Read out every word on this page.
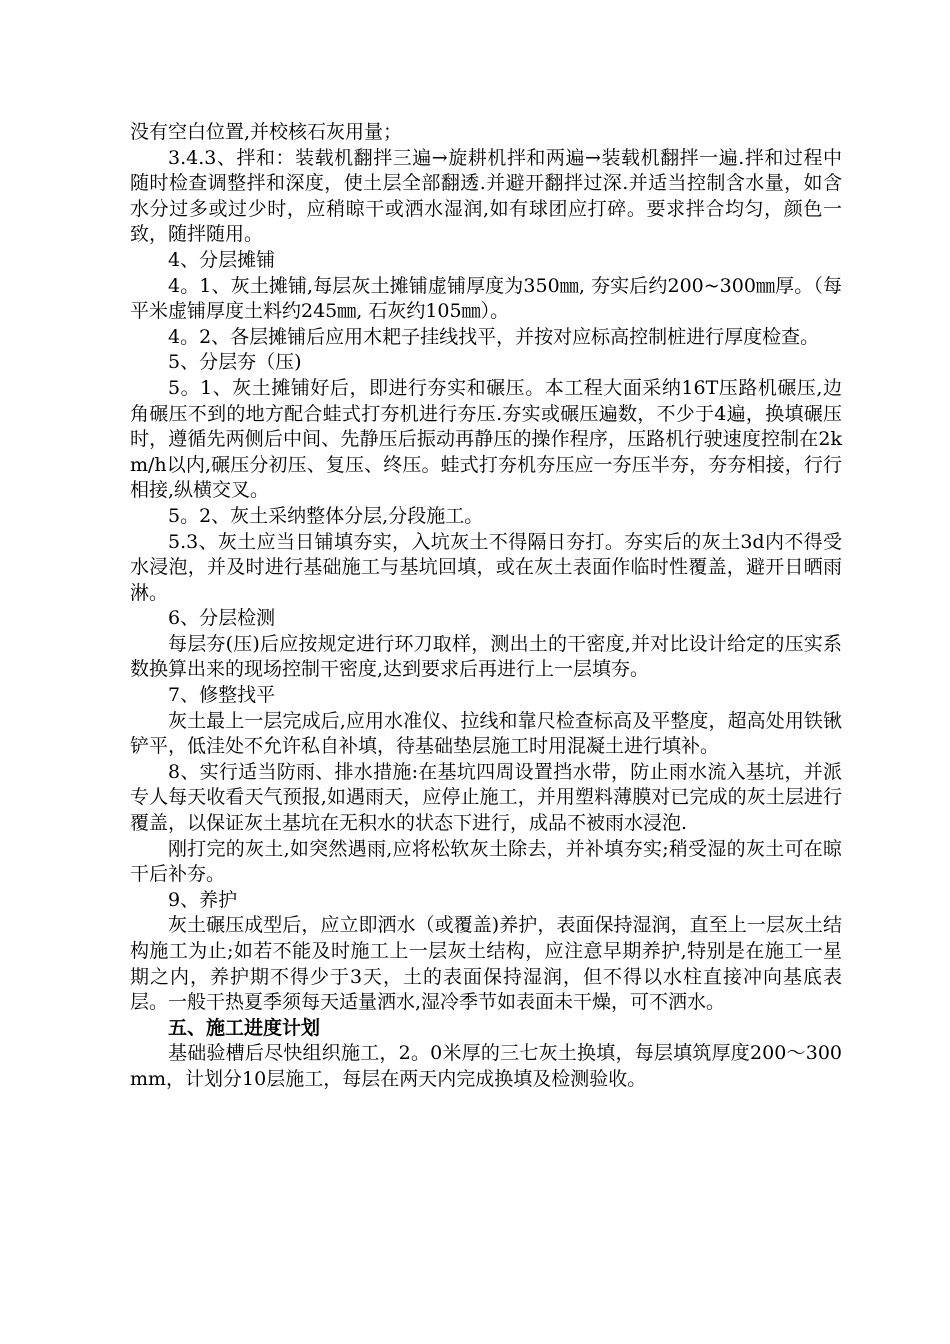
没有空白位置,并校核石灰用量；

3.4.3、拌和：装载机翻拌三遍→旋耕机拌和两遍→装载机翻拌一遍.拌和过程中随时检查调整拌和深度，使土层全部翻透.并避开翻拌过深.并适当控制含水量，如含水分过多或过少时，应稍晾干或洒水湿润,如有球团应打碎。要求拌合均匀，颜色一致，随拌随用。

4、分层摊铺

4。1、灰土摊铺,每层灰土摊铺虚铺厚度为350㎜, 夯实后约200~300㎜厚。（每平米虚铺厚度土料约245㎜, 石灰约105㎜）。

4。2、各层摊铺后应用木耙子挂线找平，并按对应标高控制桩进行厚度检查。

5、分层夯（压)

5。1、灰土摊铺好后，即进行夯实和碾压。本工程大面采纳16T压路机碾压,边角碾压不到的地方配合蛙式打夯机进行夯压.夯实或碾压遍数，不少于4遍，换填碾压时，遵循先两侧后中间、先静压后振动再静压的操作程序，压路机行驶速度控制在2km/h以内,碾压分初压、复压、终压。蛙式打夯机夯压应一夯压半夯，夯夯相接，行行相接,纵横交叉。

5。2、灰土采纳整体分层,分段施工。

5.3、灰土应当日铺填夯实，入坑灰土不得隔日夯打。夯实后的灰土3d内不得受水浸泡，并及时进行基础施工与基坑回填，或在灰土表面作临时性覆盖，避开日晒雨淋。

6、分层检测

每层夯(压)后应按规定进行环刀取样，测出土的干密度,并对比设计给定的压实系数换算出来的现场控制干密度,达到要求后再进行上一层填夯。

7、修整找平

灰土最上一层完成后,应用水准仪、拉线和靠尺检查标高及平整度，超高处用铁锹铲平，低洼处不允许私自补填，待基础垫层施工时用混凝土进行填补。

8、实行适当防雨、排水措施:在基坑四周设置挡水带，防止雨水流入基坑，并派专人每天收看天气预报,如遇雨天，应停止施工，并用塑料薄膜对已完成的灰土层进行覆盖，以保证灰土基坑在无积水的状态下进行，成品不被雨水浸泡.

刚打完的灰土,如突然遇雨,应将松软灰土除去，并补填夯实;稍受湿的灰土可在晾干后补夯。

9、养护

灰土碾压成型后，应立即洒水（或覆盖)养护，表面保持湿润，直至上一层灰土结构施工为止;如若不能及时施工上一层灰土结构，应注意早期养护,特别是在施工一星期之内，养护期不得少于3天，土的表面保持湿润，但不得以水柱直接冲向基底表层。一般干热夏季须每天适量洒水,湿冷季节如表面未干燥，可不洒水。

五、施工进度计划

基础验槽后尽快组织施工，2。0米厚的三七灰土换填，每层填筑厚度200～300mm，计划分10层施工，每层在两天内完成换填及检测验收。
